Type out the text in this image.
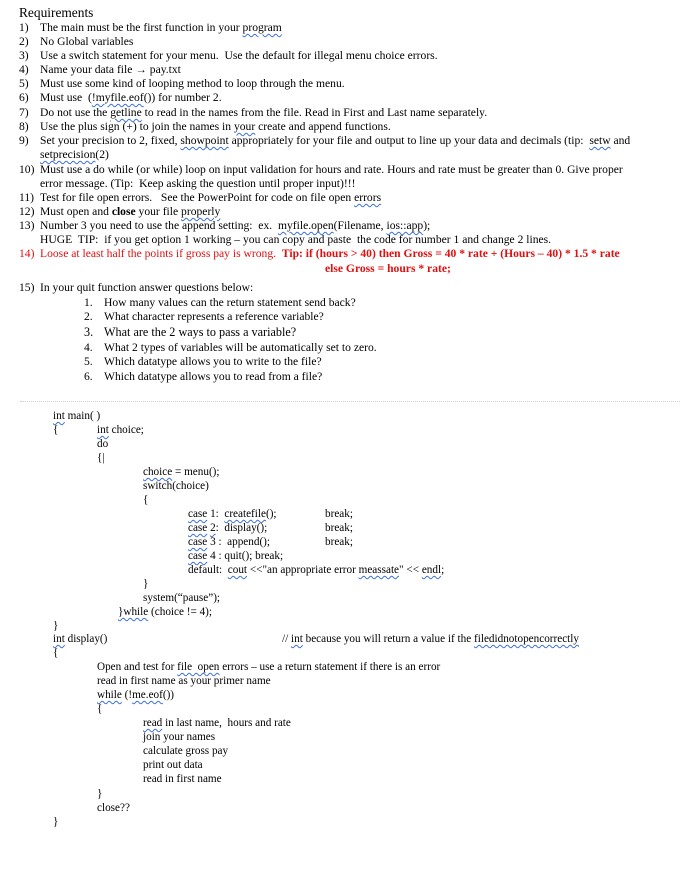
Requirements
1) The main must be the first function in your program
2) No Global variables
3) Use a switch statement for your menu.  Use the default for illegal menu choice errors.
4) Name your data file → pay.txt
5) Must use some kind of looping method to loop through the menu.
6) Must use  (!myfile.eof()) for number 2.
7) Do not use the getline to read in the names from the file. Read in First and Last name separately.
8) Use the plus sign (+) to join the names in your create and append functions.
9) Set your precision to 2, fixed, showpoint appropriately for your file and output to line up your data and decimals (tip:  setw and
setprecision(2)
10) Must use a do while (or while) loop on input validation for hours and rate. Hours and rate must be greater than 0. Give proper
error message. (Tip:  Keep asking the question until proper input)!!!
11) Test for file open errors.   See the PowerPoint for code on file open errors
12) Must open and close your file properly
13) Number 3 you need to use the append setting:  ex.  myfile.open(Filename, ios::app);
HUGE  TIP:  if you get option 1 working – you can copy and paste  the code for number 1 and change 2 lines.
14) Loose at least half the points if gross pay is wrong.  Tip: if (hours > 40) then Gross = 40 * rate + (Hours – 40) * 1.5 * rate
else Gross = hours * rate;
15) In your quit function answer questions below:
1. How many values can the return statement send back?
2. What character represents a reference variable?
3. What are the 2 ways to pass a variable?
4. What 2 types of variables will be automatically set to zero.
5. Which datatype allows you to write to the file?
6. Which datatype allows you to read from a file?
int main( )
{	int choice;
do
{|
choice = menu();
switch(choice)
{
case 1:  createfile();	break;
case 2:  display();	break;
case 3 :  append();	break;
case 4 : quit(); break;
default:  cout <<"an appropriate error meassate" << endl;
}
system(“pause”);
}while (choice != 4);
}
int display()	// int because you will return a value if the filedidnotopencorrectly
{
Open and test for file  open errors – use a return statement if there is an error
read in first name as your primer name
while (!me.eof())
{
read in last name,  hours and rate
join your names
calculate gross pay
print out data
read in first name
}
close??
}
